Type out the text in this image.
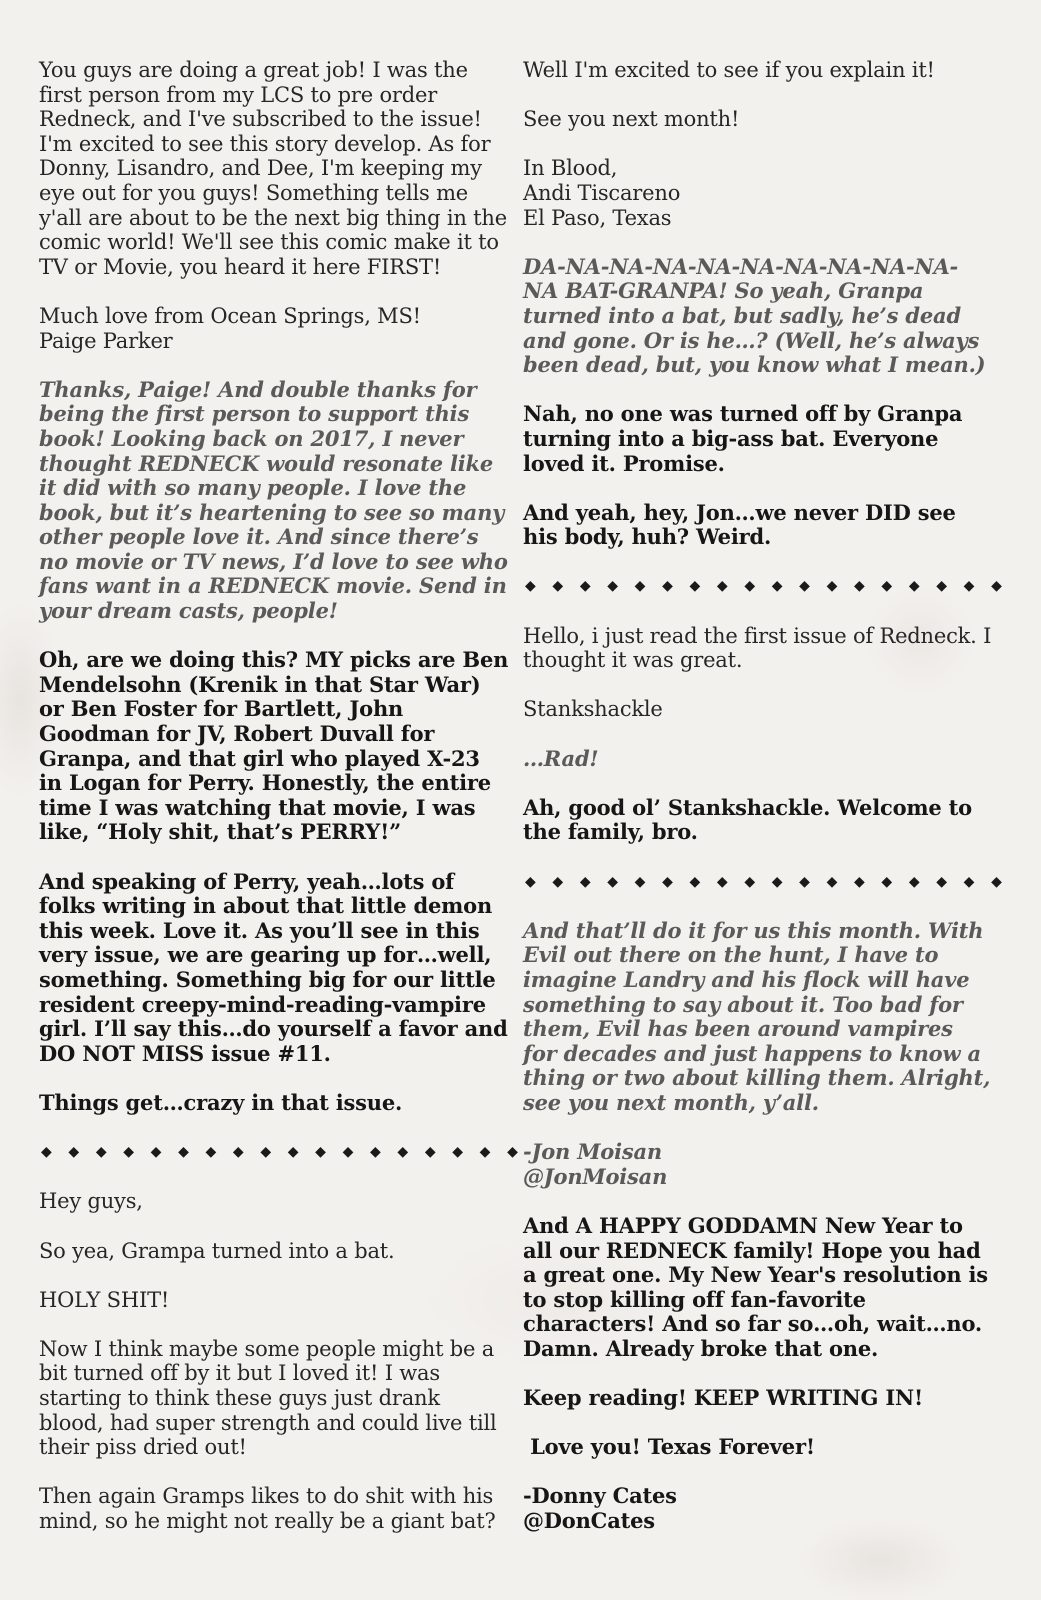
You guys are doing a great job! I was the first person from my LCS to pre order Redneck, and I've subscribed to the issue! I'm excited to see this story develop. As for Donny, Lisandro, and Dee, I'm keeping my eye out for you guys! Something tells me y'all are about to be the next big thing in the comic world! We'll see this comic make it to TV or Movie, you heard it here FIRST!

Much love from Ocean Springs, MS!
Paige Parker

Thanks, Paige! And double thanks for being the first person to support this book! Looking back on 2017, I never thought REDNECK would resonate like it did with so many people. I love the book, but it’s heartening to see so many other people love it. And since there’s no movie or TV news, I’d love to see who fans want in a REDNECK movie. Send in your dream casts, people!

Oh, are we doing this? MY picks are Ben Mendelsohn (Krenik in that Star War) or Ben Foster for Bartlett, John Goodman for JV, Robert Duvall for Granpa, and that girl who played X-23 in Logan for Perry. Honestly, the entire time I was watching that movie, I was like, “Holy shit, that’s PERRY!”

And speaking of Perry, yeah…lots of folks writing in about that little demon this week. Love it. As you’ll see in this very issue, we are gearing up for…well, something. Something big for our little resident creepy-mind-reading-vampire girl. I’ll say this…do yourself a favor and DO NOT MISS issue #11.

Things get…crazy in that issue.

◆ ◆ ◆ ◆ ◆ ◆ ◆ ◆ ◆ ◆ ◆ ◆ ◆ ◆ ◆ ◆ ◆ ◆

Hey guys,

So yea, Grampa turned into a bat.

HOLY SHIT!

Now I think maybe some people might be a bit turned off by it but I loved it! I was starting to think these guys just drank blood, had super strength and could live till their piss dried out!

Then again Gramps likes to do shit with his mind, so he might not really be a giant bat?

Well I'm excited to see if you explain it!

See you next month!

In Blood,
Andi Tiscareno
El Paso, Texas

DA-NA-NA-NA-NA-NA-NA-NA-NA-NA-NA BAT-GRANPA! So yeah, Granpa turned into a bat, but sadly, he’s dead and gone. Or is he…? (Well, he’s always been dead, but, you know what I mean.)

Nah, no one was turned off by Granpa turning into a big-ass bat. Everyone loved it. Promise.

And yeah, hey, Jon…we never DID see his body, huh? Weird.

◆ ◆ ◆ ◆ ◆ ◆ ◆ ◆ ◆ ◆ ◆ ◆ ◆ ◆ ◆ ◆ ◆ ◆

Hello, i just read the first issue of Redneck. I thought it was great.

Stankshackle

…Rad!

Ah, good ol’ Stankshackle. Welcome to the family, bro.

◆ ◆ ◆ ◆ ◆ ◆ ◆ ◆ ◆ ◆ ◆ ◆ ◆ ◆ ◆ ◆ ◆ ◆

And that’ll do it for us this month. With Evil out there on the hunt, I have to imagine Landry and his flock will have something to say about it. Too bad for them, Evil has been around vampires for decades and just happens to know a thing or two about killing them. Alright, see you next month, y’all.

-Jon Moisan
@JonMoisan

And A HAPPY GODDAMN New Year to all our REDNECK family! Hope you had a great one. My New Year's resolution is to stop killing off fan-favorite characters! And so far so…oh, wait…no. Damn. Already broke that one.

Keep reading! KEEP WRITING IN!

Love you! Texas Forever!

-Donny Cates
@DonCates
